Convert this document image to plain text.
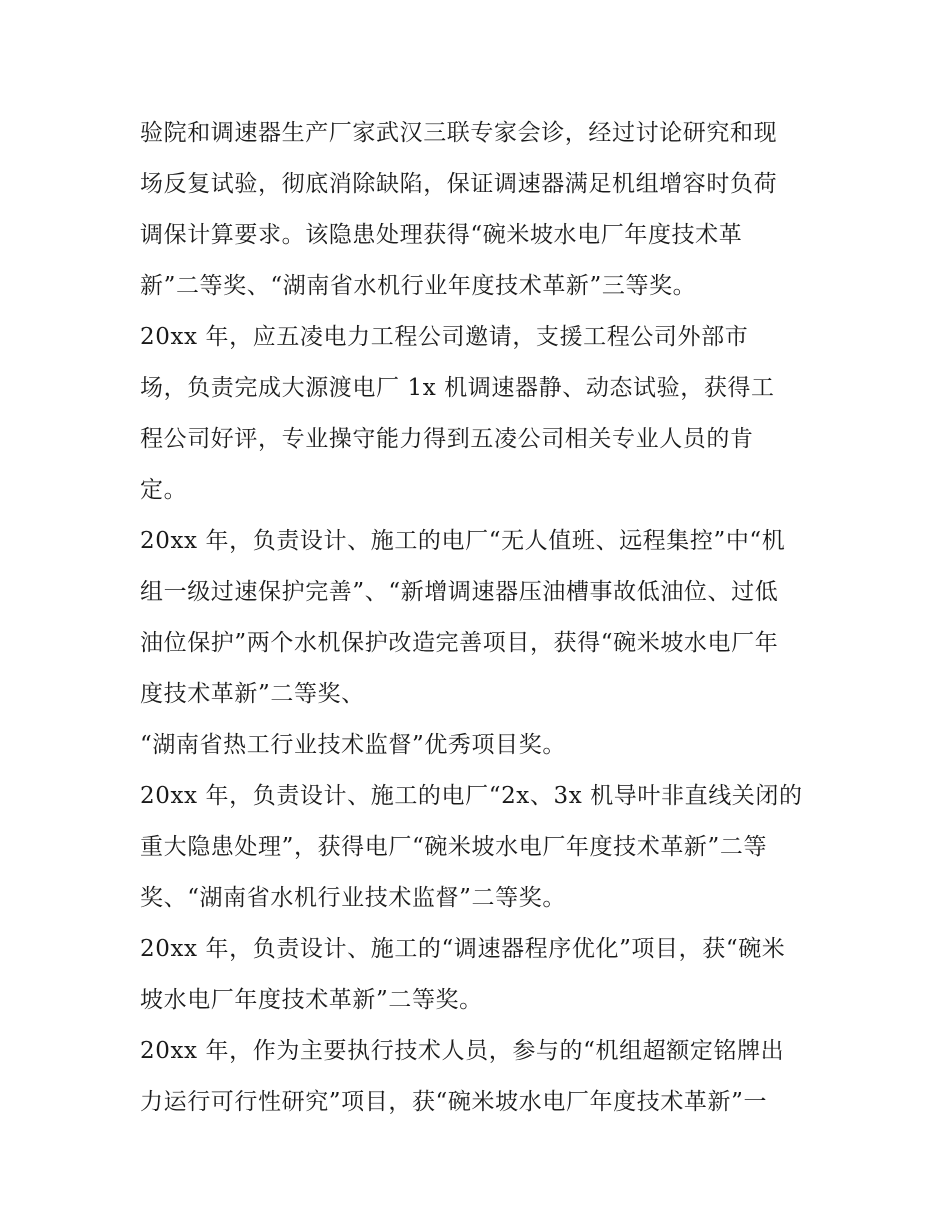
验院和调速器生产厂家武汉三联专家会诊，经过讨论研究和现
场反复试验，彻底消除缺陷，保证调速器满足机组增容时负荷
调保计算要求。该隐患处理获得“碗米坡水电厂年度技术革
新”二等奖、“湖南省水机行业年度技术革新”三等奖。
20xx 年，应五凌电力工程公司邀请，支援工程公司外部市
场，负责完成大源渡电厂 1x 机调速器静、动态试验，获得工
程公司好评，专业操守能力得到五凌公司相关专业人员的肯
定。
20xx 年，负责设计、施工的电厂“无人值班、远程集控”中“机
组一级过速保护完善”、“新增调速器压油槽事故低油位、过低
油位保护”两个水机保护改造完善项目，获得“碗米坡水电厂年
度技术革新”二等奖、
“湖南省热工行业技术监督”优秀项目奖。
20xx 年，负责设计、施工的电厂“2x、3x 机导叶非直线关闭的
重大隐患处理”，获得电厂“碗米坡水电厂年度技术革新”二等
奖、“湖南省水机行业技术监督”二等奖。
20xx 年，负责设计、施工的“调速器程序优化”项目，获“碗米
坡水电厂年度技术革新”二等奖。
20xx 年，作为主要执行技术人员，参与的“机组超额定铭牌出
力运行可行性研究”项目，获“碗米坡水电厂年度技术革新”一
